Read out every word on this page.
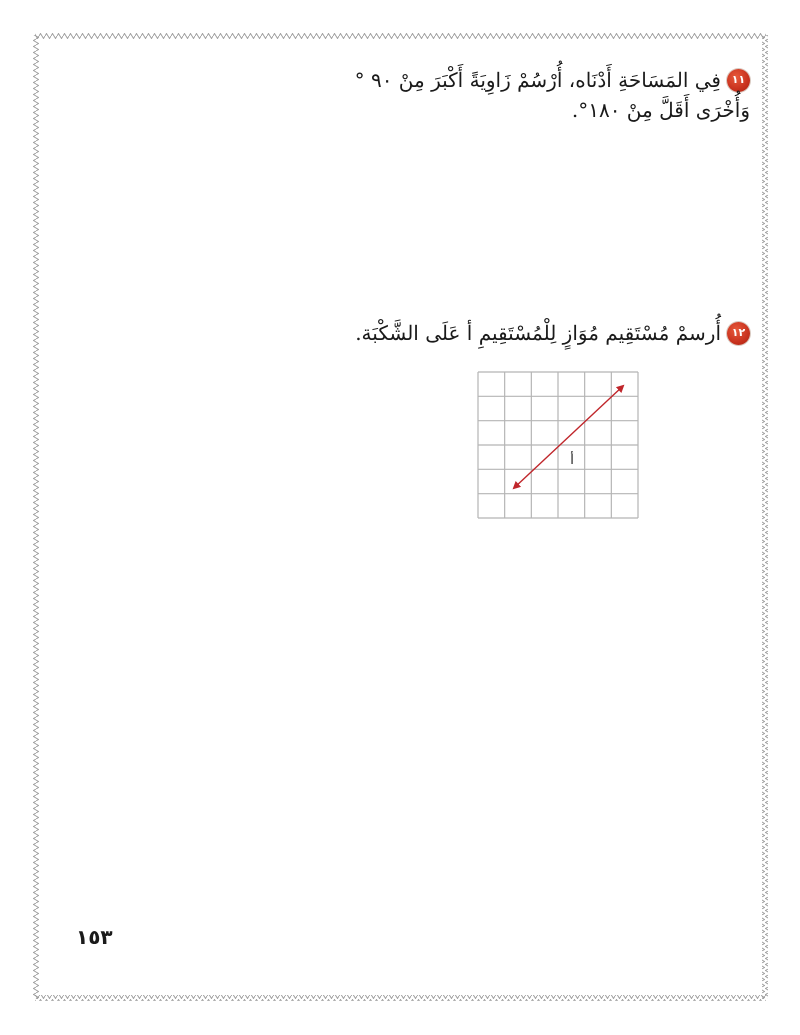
١١
فِي المَسَاحَةِ أَدْنَاه، أُرْسُمْ زَاوِيَةً أَكْبَرَ مِنْ ٩٠ °
وَأُخْرَى أَقَلَّ مِنْ ١٨٠°.
١٢
أُرسمْ مُسْتَقِيم مُوَازٍ لِلْمُسْتَقِيمِ أ عَلَى الشَّكْبَة.
أ
١٥٣
